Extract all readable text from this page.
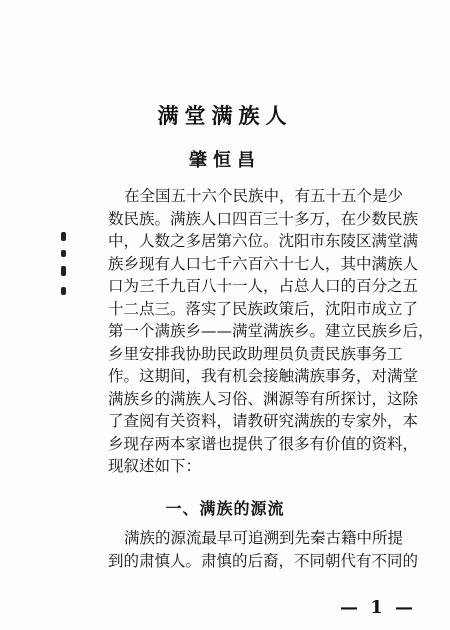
满堂满族人
肇恒昌
在全国五十六个民族中，有五十五个是少
数民族。满族人口四百三十多万，在少数民族
中，人数之多居第六位。沈阳市东陵区满堂满
族乡现有人口七千六百六十七人，其中满族人
口为三千九百八十一人，占总人口的百分之五
十二点三。落实了民族政策后，沈阳市成立了
第一个满族乡——满堂满族乡。建立民族乡后，
乡里安排我协助民政助理员负责民族事务工
作。这期间，我有机会接触满族事务，对满堂
满族乡的满族人习俗、渊源等有所探讨，这除
了查阅有关资料，请教研究满族的专家外，本
乡现存两本家谱也提供了很多有价值的资料，
现叙述如下：
一、满族的源流
满族的源流最早可追溯到先秦古籍中所提
到的肃慎人。肃慎的后裔，不同朝代有不同的
— 1 —
